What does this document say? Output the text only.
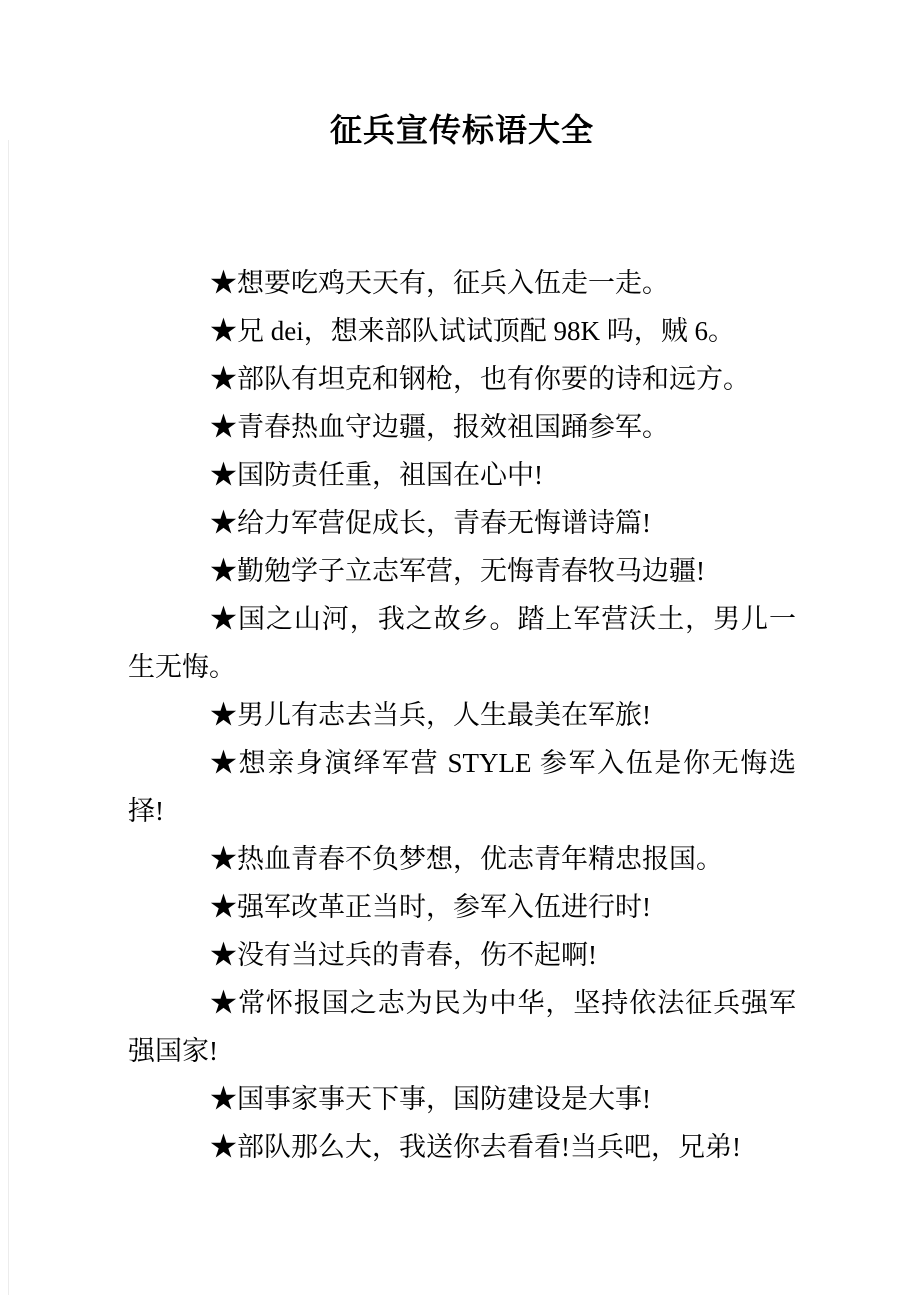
征兵宣传标语大全

★想要吃鸡天天有，征兵入伍走一走。

★兄 dei，想来部队试试顶配 98K 吗，贼 6。

★部队有坦克和钢枪，也有你要的诗和远方。

★青春热血守边疆，报效祖国踊参军。

★国防责任重，祖国在心中!

★给力军营促成长，青春无悔谱诗篇!

★勤勉学子立志军营，无悔青春牧马边疆!

★国之山河，我之故乡。踏上军营沃土，男儿一生无悔。

★男儿有志去当兵，人生最美在军旅!

★想亲身演绎军营 STYLE 参军入伍是你无悔选择!

★热血青春不负梦想，优志青年精忠报国。

★强军改革正当时，参军入伍进行时!

★没有当过兵的青春，伤不起啊!

★常怀报国之志为民为中华，坚持依法征兵强军强国家!

★国事家事天下事，国防建设是大事!

★部队那么大，我送你去看看!当兵吧，兄弟!
